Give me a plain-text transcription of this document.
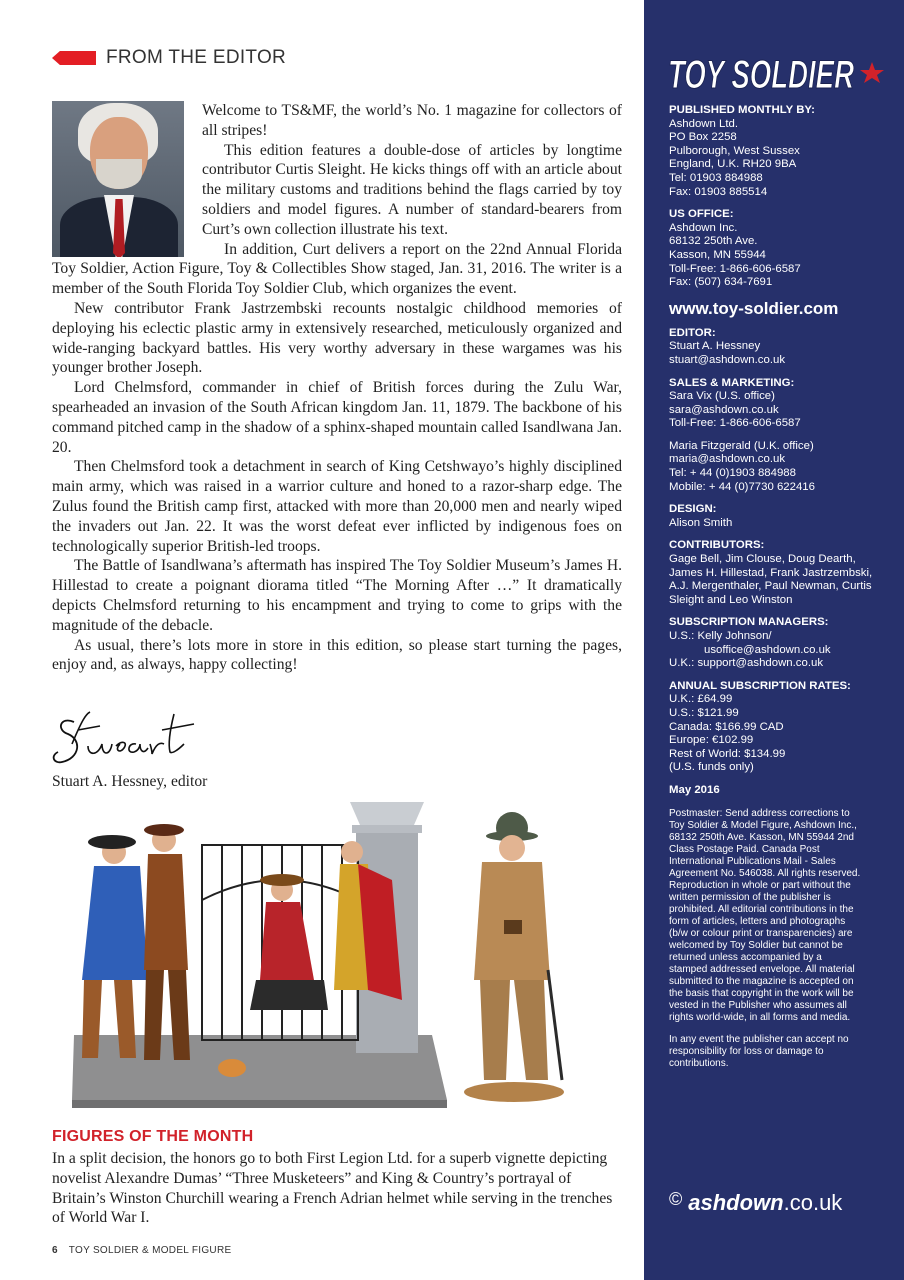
FROM THE EDITOR

Welcome to TS&MF, the world’s No. 1 magazine for collectors of all stripes!

This edition features a double-dose of articles by longtime contributor Curtis Sleight. He kicks things off with an article about the military customs and traditions behind the flags carried by toy soldiers and model figures. A number of standard-bearers from Curt’s own collection illustrate his text.

In addition, Curt delivers a report on the 22nd Annual Florida Toy Soldier, Action Figure, Toy & Collectibles Show staged, Jan. 31, 2016. The writer is a member of the South Florida Toy Soldier Club, which organizes the event.

New contributor Frank Jastrzembski recounts nostalgic childhood memories of deploying his eclectic plastic army in extensively researched, meticulously organized and wide-ranging backyard battles. His very worthy adversary in these wargames was his younger brother Joseph.

Lord Chelmsford, commander in chief of British forces during the Zulu War, spearheaded an invasion of the South African kingdom Jan. 11, 1879. The backbone of his command pitched camp in the shadow of a sphinx-shaped mountain called Isandlwana Jan. 20.

Then Chelmsford took a detachment in search of King Cetshwayo’s highly disciplined main army, which was raised in a warrior culture and honed to a razor-sharp edge. The Zulus found the British camp first, attacked with more than 20,000 men and nearly wiped the invaders out Jan. 22. It was the worst defeat ever inflicted by indigenous foes on technologically superior British-led troops.

The Battle of Isandlwana’s aftermath has inspired The Toy Soldier Museum’s James H. Hillestad to create a poignant diorama titled “The Morning After …” It dramatically depicts Chelmsford returning to his encampment and trying to come to grips with the magnitude of the debacle.

As usual, there’s lots more in store in this edition, so please start turning the pages, enjoy and, as always, happy collecting!

Stuart A. Hessney, editor
FIGURES OF THE MONTH
In a split decision, the honors go to both First Legion Ltd. for a superb vignette depicting novelist Alexandre Dumas’ “Three Musketeers” and King & Country’s portrayal of Britain’s Winston Churchill wearing a French Adrian helmet while serving in the trenches of World War I.
6 TOY SOLDIER & MODEL FIGURE
TOY SOLDIER
PUBLISHED MONTHLY BY:
Ashdown Ltd.
PO Box 2258
Pulborough, West Sussex
England, U.K. RH20 9BA
Tel: 01903 884988
Fax: 01903 885514
US OFFICE:
Ashdown Inc.
68132 250th Ave.
Kasson, MN 55944
Toll-Free: 1-866-606-6587
Fax: (507) 634-7691
www.toy-soldier.com
EDITOR:
Stuart A. Hessney
stuart@ashdown.co.uk
SALES & MARKETING:
Sara Vix (U.S. office)
sara@ashdown.co.uk
Toll-Free: 1-866-606-6587
Maria Fitzgerald (U.K. office)
maria@ashdown.co.uk
Tel: + 44 (0)1903 884988
Mobile: + 44 (0)7730 622416
DESIGN:
Alison Smith
CONTRIBUTORS:
Gage Bell, Jim Clouse, Doug Dearth, James H. Hillestad, Frank Jastrzembski, A.J. Mergenthaler, Paul Newman, Curtis Sleight and Leo Winston
SUBSCRIPTION MANAGERS:
U.S.: Kelly Johnson/
usoffice@ashdown.co.uk
U.K.: support@ashdown.co.uk
ANNUAL SUBSCRIPTION RATES:
U.K.: £64.99
U.S.: $121.99
Canada: $166.99 CAD
Europe: €102.99
Rest of World: $134.99
(U.S. funds only)
May 2016
Postmaster: Send address corrections to Toy Soldier & Model Figure, Ashdown Inc., 68132 250th Ave. Kasson, MN 55944 2nd Class Postage Paid. Canada Post International Publications Mail - Sales Agreement No. 546038. All rights reserved. Reproduction in whole or part without the written permission of the publisher is prohibited. All editorial contributions in the form of articles, letters and photographs (b/w or colour print or transparencies) are welcomed by Toy Soldier but cannot be returned unless accompanied by a stamped addressed envelope. All material submitted to the magazine is accepted on the basis that copyright in the work will be vested in the Publisher who assumes all rights world-wide, in all forms and media.
In any event the publisher can accept no responsibility for loss or damage to contributions.
© ashdown .co.uk
